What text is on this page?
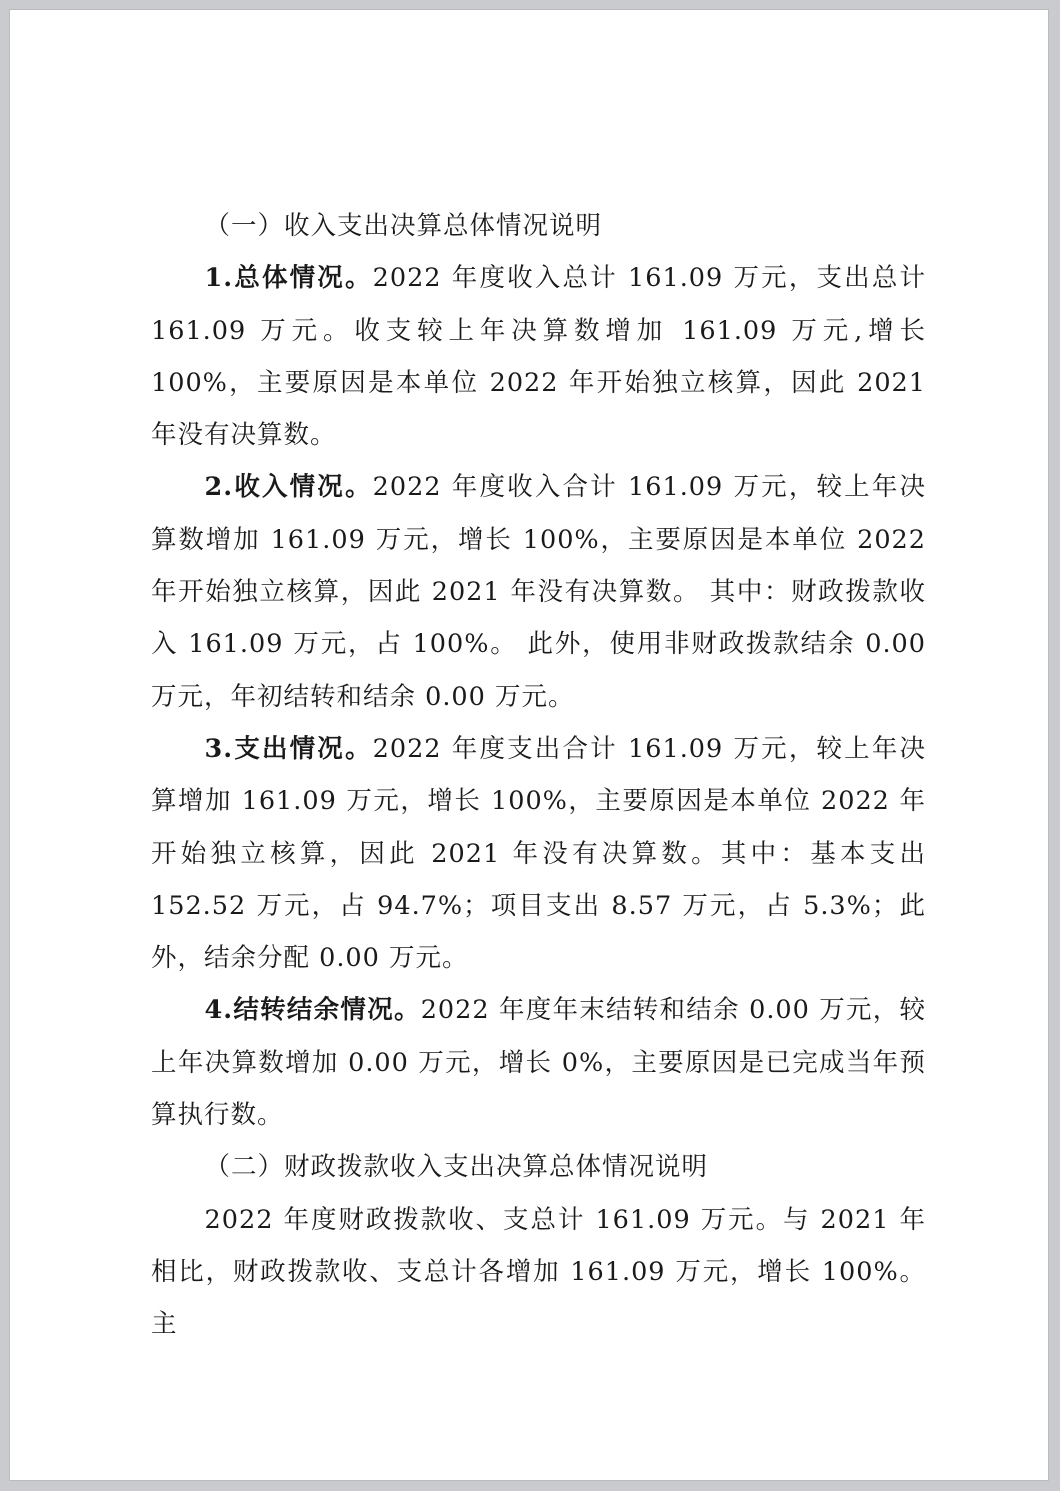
（一）收入支出决算总体情况说明

1.总体情况。2022 年度收入总计 161.09 万元，支出总计 161.09 万元。收支较上年决算数增加 161.09 万元,增长 100%，主要原因是本单位 2022 年开始独立核算，因此 2021 年没有决算数。

2.收入情况。2022 年度收入合计 161.09 万元，较上年决算数增加 161.09 万元，增长 100%，主要原因是本单位 2022 年开始独立核算，因此 2021 年没有决算数。 其中：财政拨款收入 161.09 万元，占 100%。 此外，使用非财政拨款结余 0.00 万元，年初结转和结余 0.00 万元。

3.支出情况。2022 年度支出合计 161.09 万元，较上年决算增加 161.09 万元，增长 100%，主要原因是本单位 2022 年开始独立核算，因此 2021 年没有决算数。其中：基本支出 152.52 万元，占 94.7%；项目支出 8.57 万元，占 5.3%；此外，结余分配 0.00 万元。

4.结转结余情况。2022 年度年末结转和结余 0.00 万元，较上年决算数增加 0.00 万元，增长 0%，主要原因是已完成当年预算执行数。

（二）财政拨款收入支出决算总体情况说明

2022 年度财政拨款收、支总计 161.09 万元。与 2021 年相比，财政拨款收、支总计各增加 161.09 万元，增长 100%。主
